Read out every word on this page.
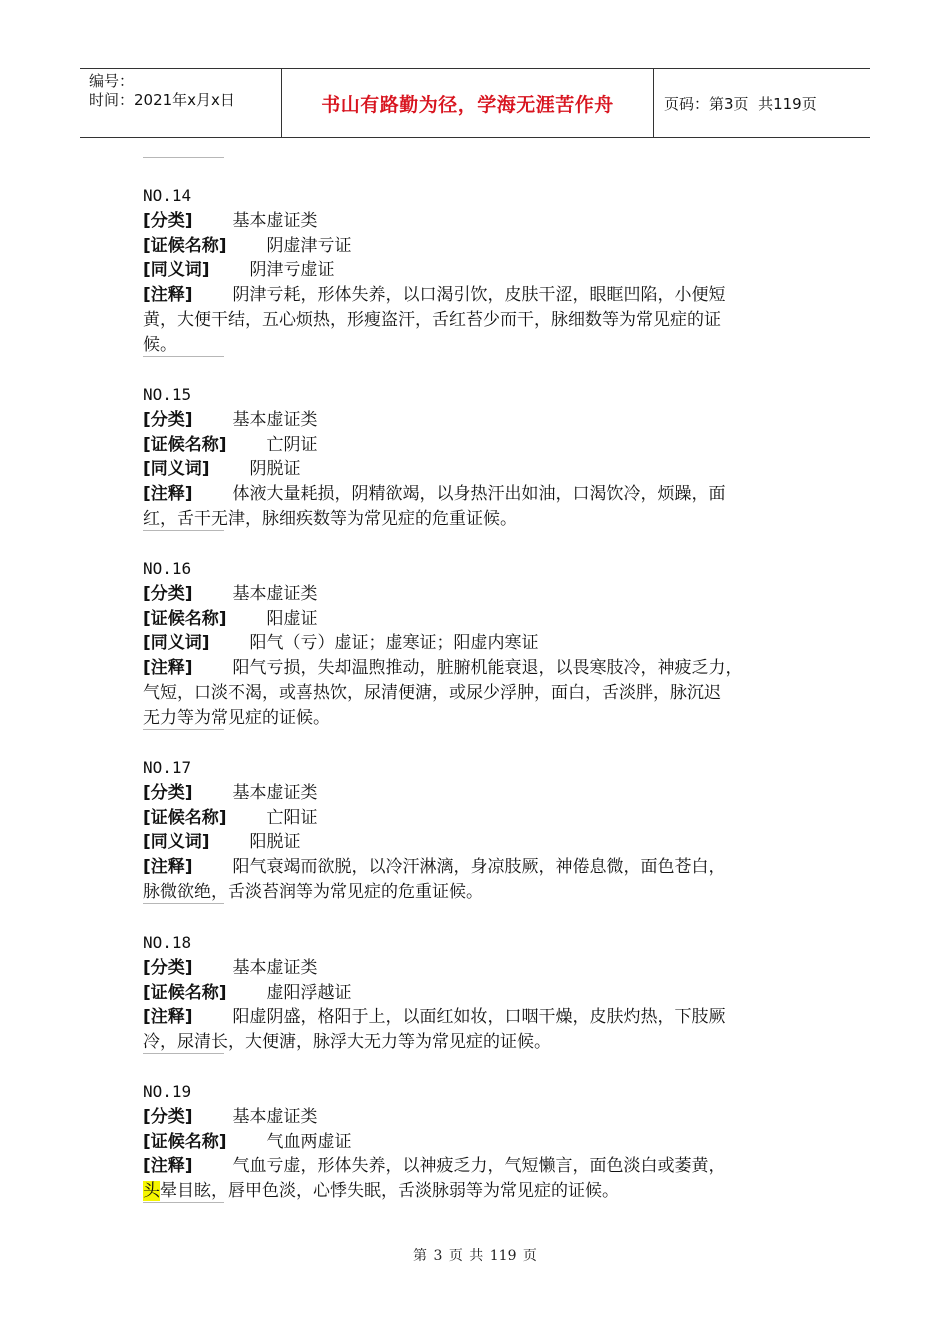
编号：
时间：2021年x月x日	书山有路勤为径，学海无涯苦作舟	页码：第3页  共119页
NO.14
[分类] 基本虚证类
[证候名称] 阴虚津亏证
[同义词] 阴津亏虚证
[注释] 阴津亏耗，形体失养，以口渴引饮，皮肤干涩，眼眶凹陷，小便短
黄，大便干结，五心烦热，形瘦盗汗，舌红苔少而干，脉细数等为常见症的证
候。
NO.15
[分类] 基本虚证类
[证候名称] 亡阴证
[同义词] 阴脱证
[注释] 体液大量耗损，阴精欲竭，以身热汗出如油，口渴饮冷，烦躁，面
红，舌干无津，脉细疾数等为常见症的危重证候。
NO.16
[分类] 基本虚证类
[证候名称] 阳虚证
[同义词] 阳气（亏）虚证；虚寒证；阳虚内寒证
[注释] 阳气亏损，失却温煦推动，脏腑机能衰退，以畏寒肢冷，神疲乏力，
气短，口淡不渴，或喜热饮，尿清便溏，或尿少浮肿，面白，舌淡胖，脉沉迟
无力等为常见症的证候。
NO.17
[分类] 基本虚证类
[证候名称] 亡阳证
[同义词] 阳脱证
[注释] 阳气衰竭而欲脱，以冷汗淋漓，身凉肢厥，神倦息微，面色苍白，
脉微欲绝，舌淡苔润等为常见症的危重证候。
NO.18
[分类] 基本虚证类
[证候名称] 虚阳浮越证
[注释] 阳虚阴盛，格阳于上，以面红如妆，口咽干燥，皮肤灼热，下肢厥
冷，尿清长，大便溏，脉浮大无力等为常见症的证候。
NO.19
[分类] 基本虚证类
[证候名称] 气血两虚证
[注释] 气血亏虚，形体失养，以神疲乏力，气短懒言，面色淡白或萎黄，
头晕目眩，唇甲色淡，心悸失眠，舌淡脉弱等为常见症的证候。
第 3 页 共 119 页
